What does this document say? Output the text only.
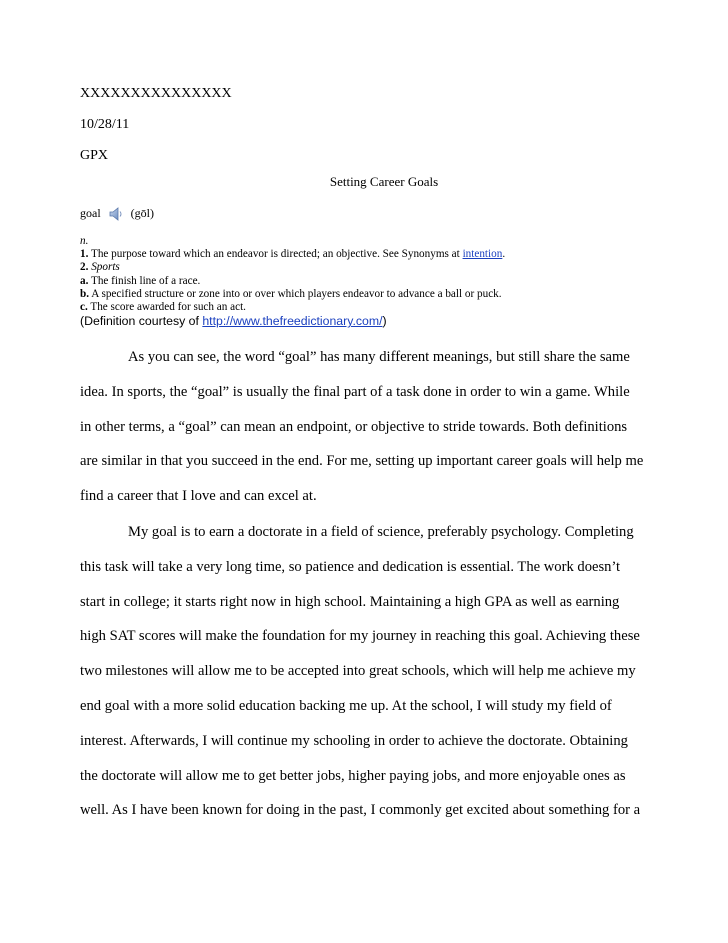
XXXXXXXXXXXXXXX
10/28/11
GPX
Setting Career Goals
goal	(gōl)
n.
1. The purpose toward which an endeavor is directed; an objective. See Synonyms at intention.
2. Sports
a. The finish line of a race.
b. A specified structure or zone into or over which players endeavor to advance a ball or puck.
c. The score awarded for such an act.
(Definition courtesy of http://www.thefreedictionary.com/)
As you can see, the word “goal” has many different meanings, but still share the same
idea. In sports, the “goal” is usually the final part of a task done in order to win a game. While
in other terms, a “goal” can mean an endpoint, or objective to stride towards. Both definitions
are similar in that you succeed in the end. For me, setting up important career goals will help me
find a career that I love and can excel at.
My goal is to earn a doctorate in a field of science, preferably psychology. Completing
this task will take a very long time, so patience and dedication is essential. The work doesn’t
start in college; it starts right now in high school. Maintaining a high GPA as well as earning
high SAT scores will make the foundation for my journey in reaching this goal. Achieving these
two milestones will allow me to be accepted into great schools, which will help me achieve my
end goal with a more solid education backing me up. At the school, I will study my field of
interest. Afterwards, I will continue my schooling in order to achieve the doctorate. Obtaining
the doctorate will allow me to get better jobs, higher paying jobs, and more enjoyable ones as
well. As I have been known for doing in the past, I commonly get excited about something for a
